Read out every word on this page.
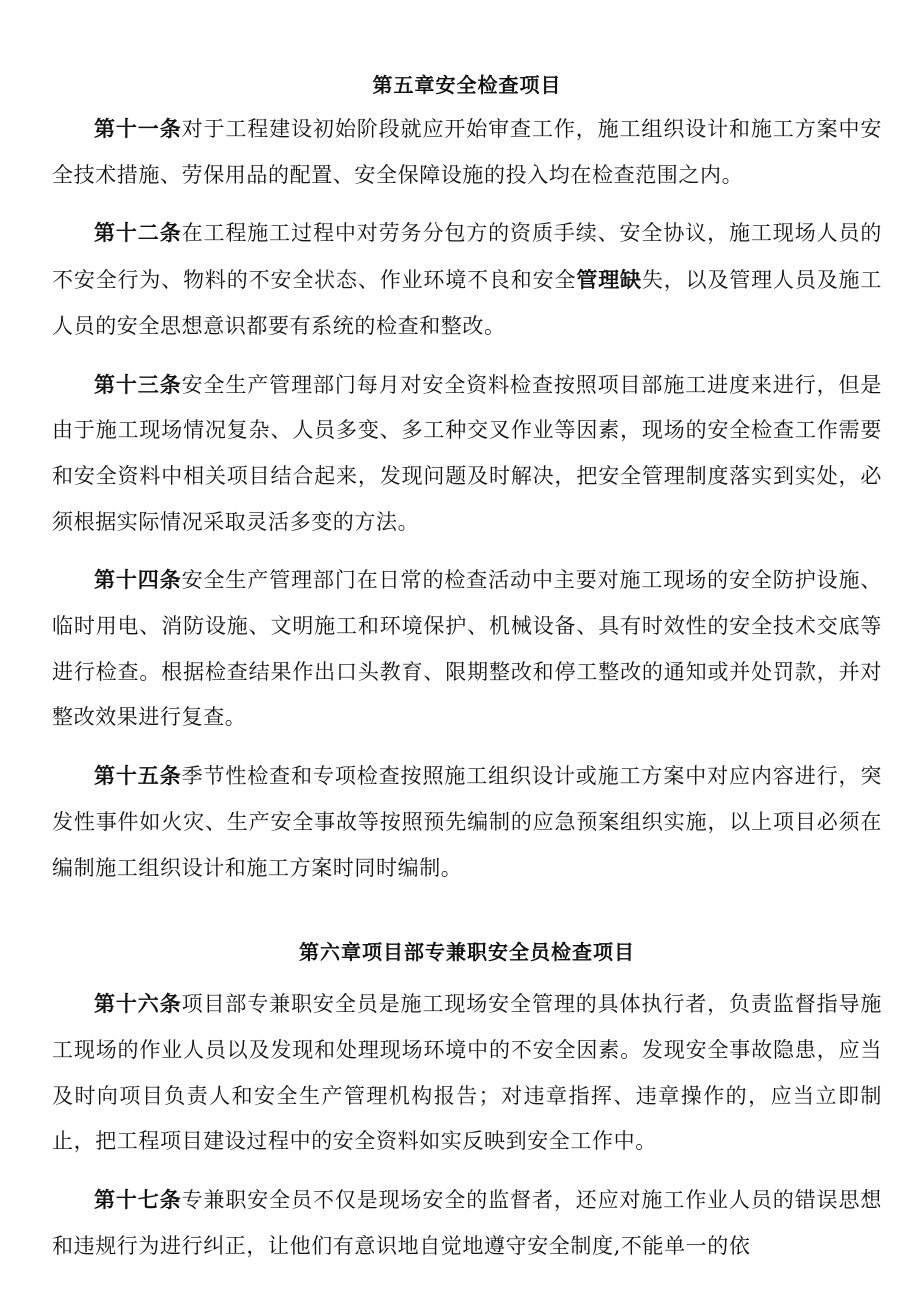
第五章安全检查项目

第十一条对于工程建设初始阶段就应开始审查工作，施工组织设计和施工方案中安全技术措施、劳保用品的配置、安全保障设施的投入均在检查范围之内。

第十二条在工程施工过程中对劳务分包方的资质手续、安全协议，施工现场人员的不安全行为、物料的不安全状态、作业环境不良和安全管理缺失，以及管理人员及施工人员的安全思想意识都要有系统的检查和整改。

第十三条安全生产管理部门每月对安全资料检查按照项目部施工进度来进行，但是由于施工现场情况复杂、人员多变、多工种交叉作业等因素，现场的安全检查工作需要和安全资料中相关项目结合起来，发现问题及时解决，把安全管理制度落实到实处，必须根据实际情况采取灵活多变的方法。

第十四条安全生产管理部门在日常的检查活动中主要对施工现场的安全防护设施、临时用电、消防设施、文明施工和环境保护、机械设备、具有时效性的安全技术交底等进行检查。根据检查结果作出口头教育、限期整改和停工整改的通知或并处罚款，并对整改效果进行复查。

第十五条季节性检查和专项检查按照施工组织设计或施工方案中对应内容进行，突发性事件如火灾、生产安全事故等按照预先编制的应急预案组织实施，以上项目必须在编制施工组织设计和施工方案时同时编制。

第六章项目部专兼职安全员检查项目

第十六条项目部专兼职安全员是施工现场安全管理的具体执行者，负责监督指导施工现场的作业人员以及发现和处理现场环境中的不安全因素。发现安全事故隐患，应当及时向项目负责人和安全生产管理机构报告；对违章指挥、违章操作的，应当立即制止，把工程项目建设过程中的安全资料如实反映到安全工作中。

第十七条专兼职安全员不仅是现场安全的监督者，还应对施工作业人员的错误思想和违规行为进行纠正，让他们有意识地自觉地遵守安全制度,不能单一的依
